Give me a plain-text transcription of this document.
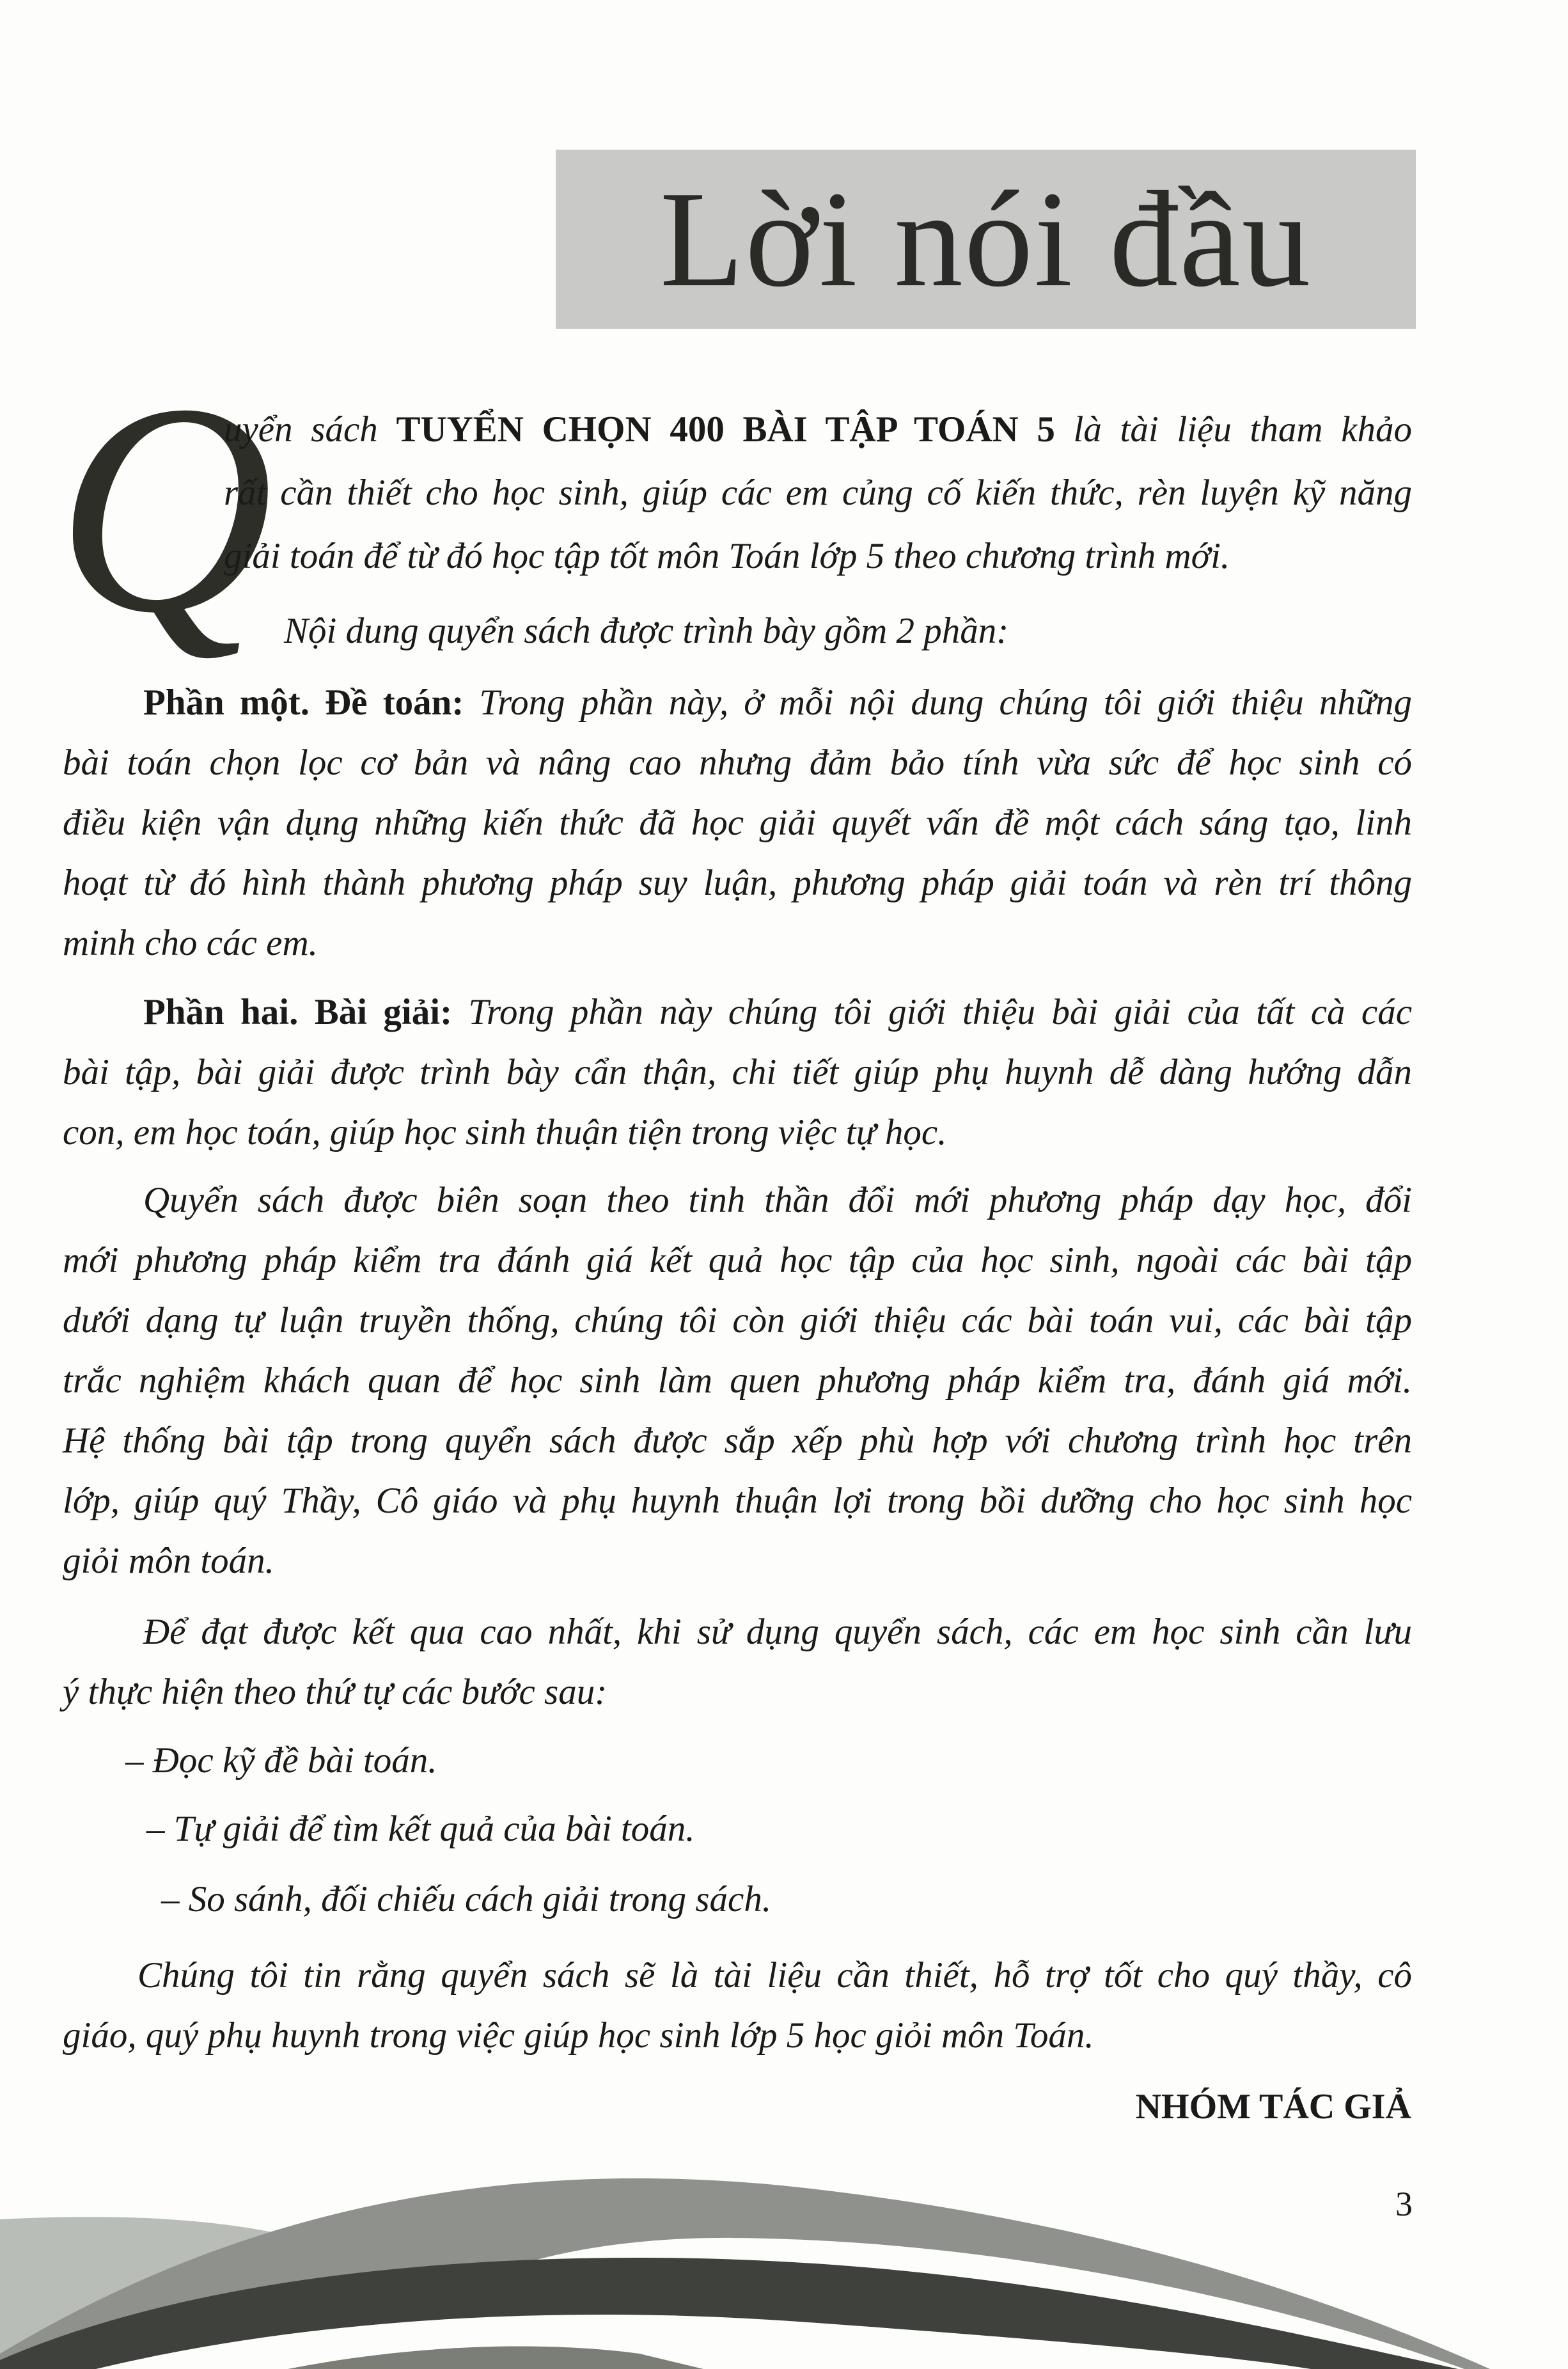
Lời nói đầu
Q
uyển sách TUYỂN CHỌN 400 BÀI TẬP TOÁN 5 là tài liệu tham khảo
rất cần thiết cho học sinh, giúp các em củng cố kiến thức, rèn luyện kỹ năng
giải toán để từ đó học tập tốt môn Toán lớp 5 theo chương trình mới.
Nội dung quyển sách được trình bày gồm 2 phần:
Phần một. Đề toán: Trong phần này, ở mỗi nội dung chúng tôi giới thiệu những
bài toán chọn lọc cơ bản và nâng cao nhưng đảm bảo tính vừa sức để học sinh có
điều kiện vận dụng những kiến thức đã học giải quyết vấn đề một cách sáng tạo, linh
hoạt từ đó hình thành phương pháp suy luận, phương pháp giải toán và rèn trí thông
minh cho các em.
Phần hai. Bài giải: Trong phần này chúng tôi giới thiệu bài giải của tất cà các
bài tập, bài giải được trình bày cẩn thận, chi tiết giúp phụ huynh dễ dàng hướng dẫn
con, em học toán, giúp học sinh thuận tiện trong việc tự học.
Quyển sách được biên soạn theo tinh thần đổi mới phương pháp dạy học, đổi
mới phương pháp kiểm tra đánh giá kết quả học tập của học sinh, ngoài các bài tập
dưới dạng tự luận truyền thống, chúng tôi còn giới thiệu các bài toán vui, các bài tập
trắc nghiệm khách quan để học sinh làm quen phương pháp kiểm tra, đánh giá mới.
Hệ thống bài tập trong quyển sách được sắp xếp phù hợp với chương trình học trên
lớp, giúp quý Thầy, Cô giáo và phụ huynh thuận lợi trong bồi dưỡng cho học sinh học
giỏi môn toán.
Để đạt được kết qua cao nhất, khi sử dụng quyển sách, các em học sinh cần lưu
ý thực hiện theo thứ tự các bước sau:
– Đọc kỹ đề bài toán.
– Tự giải để tìm kết quả của bài toán.
– So sánh, đối chiếu cách giải trong sách.
Chúng tôi tin rằng quyển sách sẽ là tài liệu cần thiết, hỗ trợ tốt cho quý thầy, cô
giáo, quý phụ huynh trong việc giúp học sinh lớp 5 học giỏi môn Toán.
NHÓM TÁC GIẢ
3
